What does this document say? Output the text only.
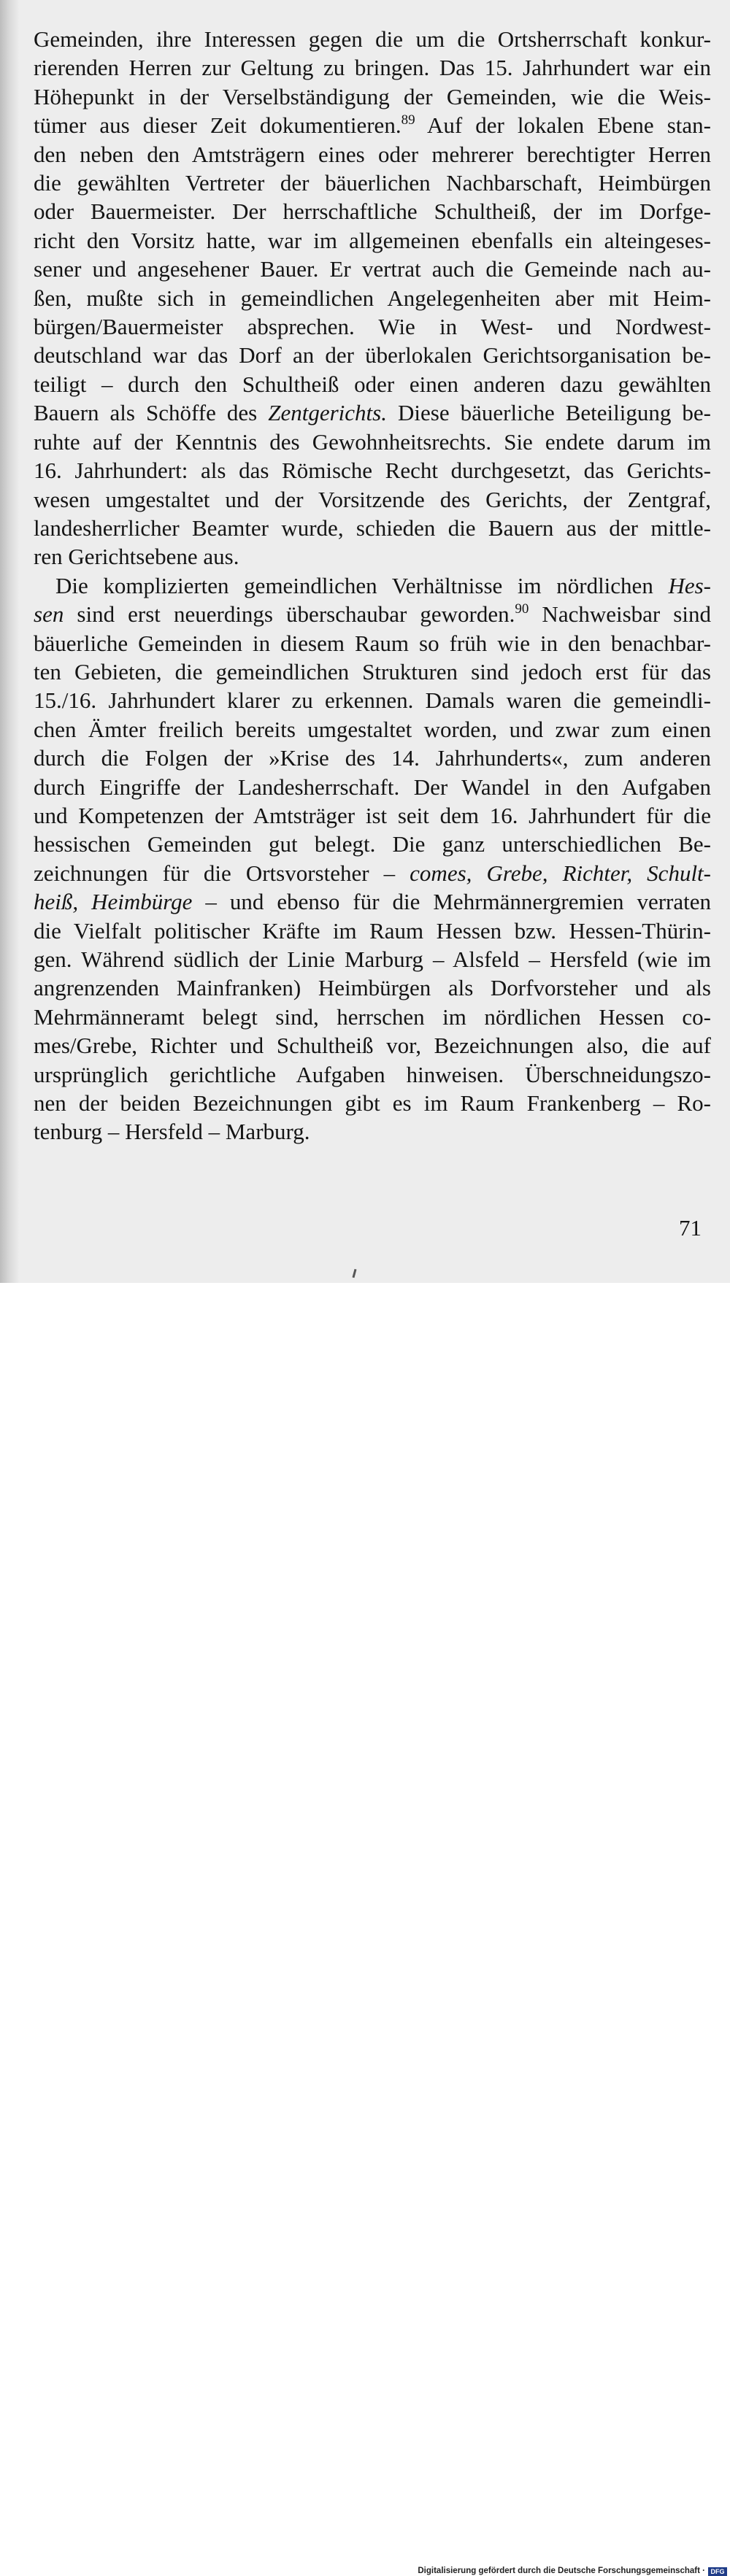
Gemeinden, ihre Interessen gegen die um die Ortsherrschaft konkur-
rierenden Herren zur Geltung zu bringen. Das 15. Jahrhundert war ein
Höhepunkt in der Verselbständigung der Gemeinden, wie die Weis-
tümer aus dieser Zeit dokumentieren.$^{89}$ Auf der lokalen Ebene stan-
den neben den Amtsträgern eines oder mehrerer berechtigter Herren
die gewählten Vertreter der bäuerlichen Nachbarschaft, Heimbürgen
oder Bauermeister. Der herrschaftliche Schultheiß, der im Dorfge-
richt den Vorsitz hatte, war im allgemeinen ebenfalls ein alteingeses-
sener und angesehener Bauer. Er vertrat auch die Gemeinde nach au-
ßen, mußte sich in gemeindlichen Angelegenheiten aber mit Heim-
bürgen/Bauermeister absprechen. Wie in West- und Nordwest-
deutschland war das Dorf an der überlokalen Gerichtsorganisation be-
teiligt – durch den Schultheiß oder einen anderen dazu gewählten
Bauern als Schöffe des Zentgerichts. Diese bäuerliche Beteiligung be-
ruhte auf der Kenntnis des Gewohnheitsrechts. Sie endete darum im
16. Jahrhundert: als das Römische Recht durchgesetzt, das Gerichts-
wesen umgestaltet und der Vorsitzende des Gerichts, der Zentgraf,
landesherrlicher Beamter wurde, schieden die Bauern aus der mittle-
ren Gerichtsebene aus.
Die komplizierten gemeindlichen Verhältnisse im nördlichen Hes-
sen sind erst neuerdings überschaubar geworden.$^{90}$ Nachweisbar sind
bäuerliche Gemeinden in diesem Raum so früh wie in den benachbar-
ten Gebieten, die gemeindlichen Strukturen sind jedoch erst für das
15./16. Jahrhundert klarer zu erkennen. Damals waren die gemeindli-
chen Ämter freilich bereits umgestaltet worden, und zwar zum einen
durch die Folgen der »Krise des 14. Jahrhunderts«, zum anderen
durch Eingriffe der Landesherrschaft. Der Wandel in den Aufgaben
und Kompetenzen der Amtsträger ist seit dem 16. Jahrhundert für die
hessischen Gemeinden gut belegt. Die ganz unterschiedlichen Be-
zeichnungen für die Ortsvorsteher – comes, Grebe, Richter, Schult-
heiß, Heimbürge – und ebenso für die Mehrmännergremien verraten
die Vielfalt politischer Kräfte im Raum Hessen bzw. Hessen-Thürin-
gen. Während südlich der Linie Marburg – Alsfeld – Hersfeld (wie im
angrenzenden Mainfranken) Heimbürgen als Dorfvorsteher und als
Mehrmänneramt belegt sind, herrschen im nördlichen Hessen co-
mes/Grebe, Richter und Schultheiß vor, Bezeichnungen also, die auf
ursprünglich gerichtliche Aufgaben hinweisen. Überschneidungszo-
nen der beiden Bezeichnungen gibt es im Raum Frankenberg – Ro-
tenburg – Hersfeld – Marburg.
71
Digitalisierung gefördert durch die Deutsche Forschungsgemeinschaft · DFG
